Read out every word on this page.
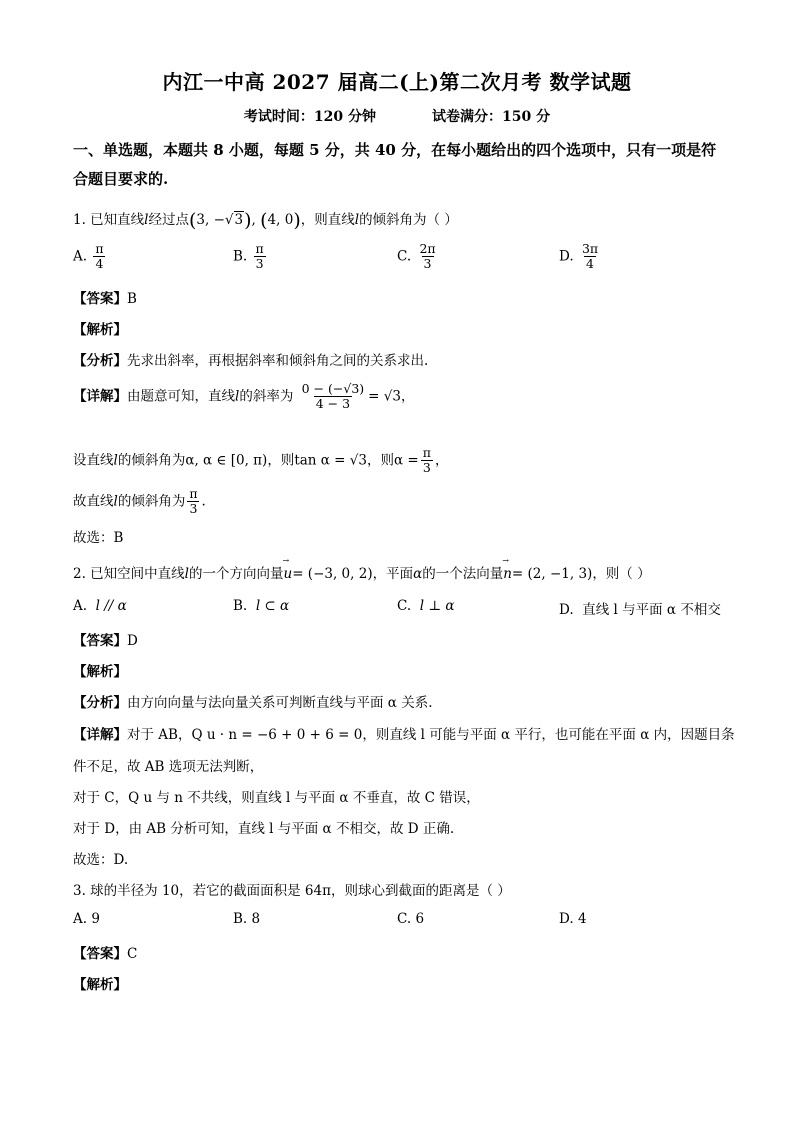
内江一中高 2027 届高二(上)第二次月考 数学试题
考试时间：120 分钟	试卷满分：150 分
一、单选题，本题共 8 小题，每题 5 分，共 40 分，在每小题给出的四个选项中，只有一项是符合题目要求的.
1. 已知直线l经过点(3, −√3), (4, 0)，则直线l的倾斜角为（ ）
A. $\frac{\pi}{4}$	B. $\frac{\pi}{3}$	C. $\frac{2\pi}{3}$	D. $\frac{3\pi}{4}$
【答案】B
【解析】
【分析】先求出斜率，再根据斜率和倾斜角之间的关系求出.
【详解】由题意可知，直线l的斜率为 $\frac{0 - (-√3)}{4 - 3} = √3$，
设直线l的倾斜角为α, α ∈ [0, π)，则tan α = √3，则$\alpha = \frac{\pi}{3}$ ，
故直线l的倾斜角为 $\frac{\pi}{3}$ .
故选：B
2. 已知空间中直线l的一个方向向量→ u= (−3, 0, 2)，平面α的一个法向量→ n= (2, −1, 3)，则（ ）
A. l // α	B. l ⊂ α	C. l ⊥ α	D. 直线 l 与平面 α 不相交
【答案】D
【解析】
【分析】由方向向量与法向量关系可判断直线与平面 α 关系.
【详解】对于 AB，Q u · n = −6 + 0 + 6 = 0，则直线 l 可能与平面 α 平行，也可能在平面 α 内，因题目条
件不足，故 AB 选项无法判断，
对于 C，Q u 与 n 不共线，则直线 l 与平面 α 不垂直，故 C 错误，
对于 D，由 AB 分析可知，直线 l 与平面 α 不相交，故 D 正确.
故选：D.
3. 球的半径为 10，若它的截面面积是 64π，则球心到截面的距离是（ ）
A. 9	B. 8	C. 6	D. 4
【答案】C
【解析】
